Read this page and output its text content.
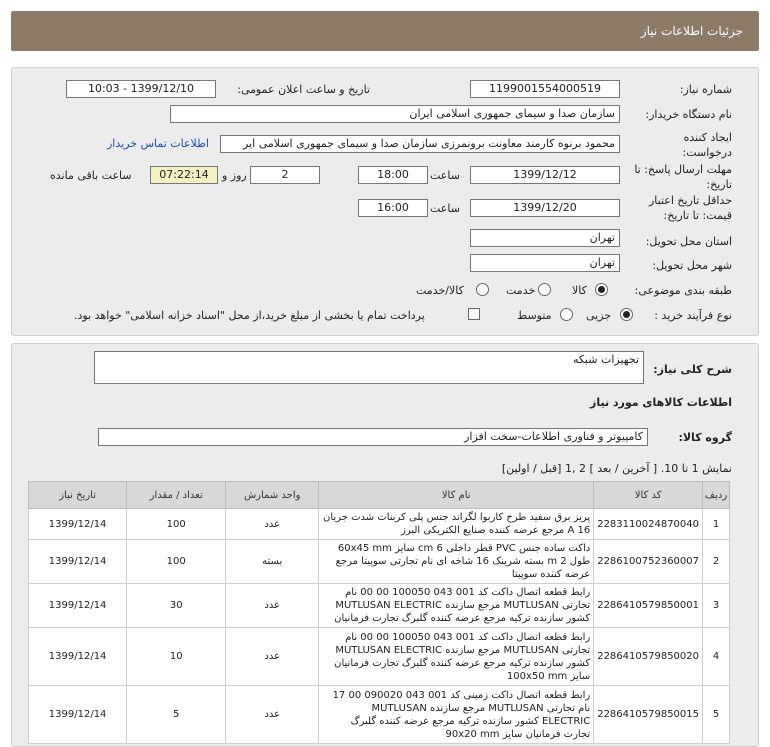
جزئیات اطلاعات نیاز
شماره نیاز:
1199001554000519
تاریخ و ساعت اعلان عمومی:
1399/12/10 - 10:03
نام دستگاه خریدار:
سازمان صدا و سیمای جمهوری اسلامی ایران
ایجاد کننده درخواست:
محمود برنوه کارمند معاونت برونمرزی سازمان صدا و سیمای جمهوری اسلامی ایر
اطلاعات تماس خریدار
مهلت ارسال پاسخ: تا تاریخ:
1399/12/12
ساعت
18:00
2
روز و
07:22:14
ساعت باقی مانده
حداقل تاریخ اعتبار قیمت: تا تاریخ:
1399/12/20
ساعت
16:00
استان محل تحویل:
تهران
شهر محل تحویل:
تهران
طبقه بندی موضوعی:
کالا
خدمت
کالا/خدمت
نوع فرآیند خرید :
جزیی
متوسط
پرداخت تمام یا بخشی از مبلغ خرید،از محل "اسناد خزانه اسلامی" خواهد بود.
شرح کلی نیاز:
تجهیزات شبکه
اطلاعات کالاهای مورد نیاز
گروه کالا:
کامپیوتر و فناوری اطلاعات-سخت افزار
نمایش 1 تا 10. [ آخرین / بعد ] 2 ,1 [قبل / اولین]
ردیف	کد کالا	نام کالا	واحد شمارش	تعداد / مقدار	تاریخ نیاز
1	2283110024870040	پریز برق سفید طرح کاربوا لگراند جنس پلی کربنات شدت جریان 16 A مرجع عرضه کننده صنایع الکتریکی البرز	عدد	100	1399/12/14
2	2286100752360007	داکت ساده جنس PVC قطر داخلی 6 cm سایز 60x45 mm طول 2 m بسته شرینک 16 شاخه ای نام تجارتی سوپیتا مرجع عرضه کننده سوپیتا	بسته	100	1399/12/14
3	2286410579850001	رابط قطعه اتصال داکت کد 001 043 100050 00 00 نام تجارتی MUTLUSAN مرجع سازنده MUTLUSAN ELECTRIC کشور سازنده ترکیه مرجع عرضه کننده گلبرگ تجارت فرمانیان	عدد	30	1399/12/14
4	2286410579850020	رابط قطعه اتصال داکت کد 001 043 100050 00 00 نام تجارتی MUTLUSAN مرجع سازنده MUTLUSAN ELECTRIC کشور سازنده ترکیه مرجع عرضه کننده گلبرگ تجارت فرمانیان سایز 100x50 mm	عدد	10	1399/12/14
5	2286410579850015	رابط قطعه اتصال داکت زمینی کد 001 043 090020 00 17 نام تجارتی MUTLUSAN مرجع سازنده MUTLUSAN ELECTRIC کشور سازنده ترکیه مرجع عرضه کننده گلبرگ تجارت فرمانیان سایز 90x20 mm	عدد	5	1399/12/14
